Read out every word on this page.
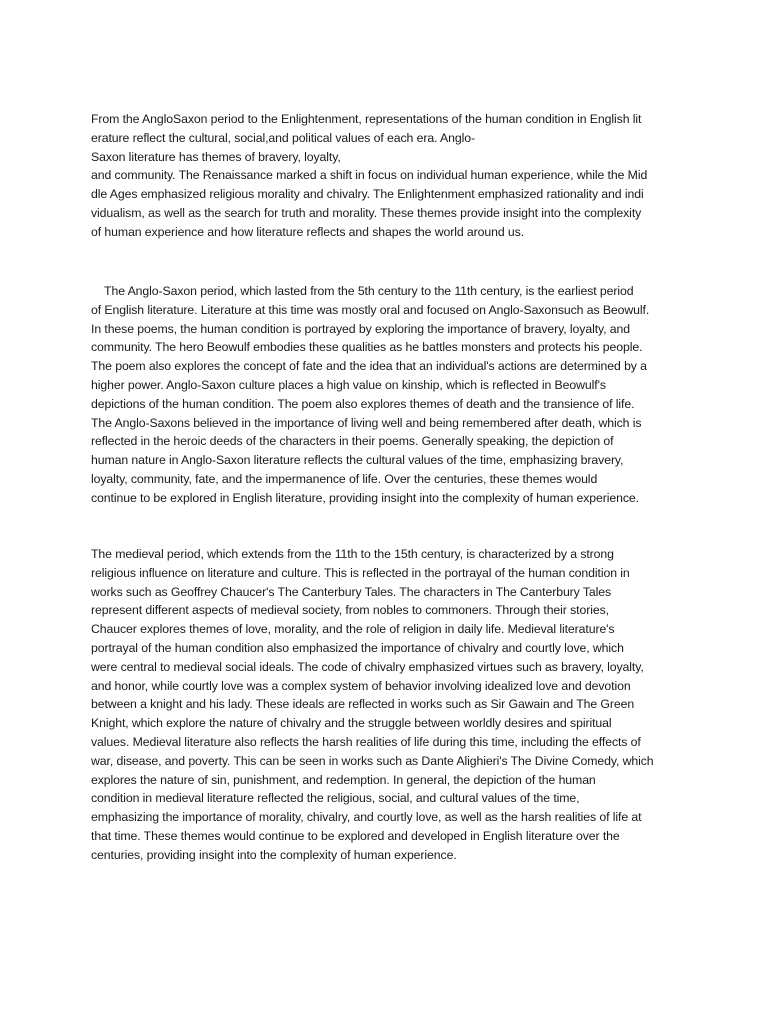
From the AngloSaxon period to the Enlightenment, representations of the human condition in English lit
erature reflect the cultural, social,and political values of each era. Anglo-
Saxon literature has themes of bravery, loyalty,
and community. The Renaissance marked a shift in focus on individual human experience, while the Mid
dle Ages emphasized religious morality and chivalry. The Enlightenment emphasized rationality and indi
vidualism, as well as the search for truth and morality. These themes provide insight into the complexity
of human experience and how literature reflects and shapes the world around us.
The Anglo-Saxon period, which lasted from the 5th century to the 11th century, is the earliest period
of English literature. Literature at this time was mostly oral and focused on Anglo-Saxonsuch as Beowulf.
In these poems, the human condition is portrayed by exploring the importance of bravery, loyalty, and
community. The hero Beowulf embodies these qualities as he battles monsters and protects his people.
The poem also explores the concept of fate and the idea that an individual's actions are determined by a
higher power. Anglo-Saxon culture places a high value on kinship, which is reflected in Beowulf's
depictions of the human condition. The poem also explores themes of death and the transience of life.
The Anglo-Saxons believed in the importance of living well and being remembered after death, which is
reflected in the heroic deeds of the characters in their poems. Generally speaking, the depiction of
human nature in Anglo-Saxon literature reflects the cultural values of the time, emphasizing bravery,
loyalty, community, fate, and the impermanence of life. Over the centuries, these themes would
continue to be explored in English literature, providing insight into the complexity of human experience.
The medieval period, which extends from the 11th to the 15th century, is characterized by a strong
religious influence on literature and culture. This is reflected in the portrayal of the human condition in
works such as Geoffrey Chaucer's The Canterbury Tales. The characters in The Canterbury Tales
represent different aspects of medieval society, from nobles to commoners. Through their stories,
Chaucer explores themes of love, morality, and the role of religion in daily life. Medieval literature's
portrayal of the human condition also emphasized the importance of chivalry and courtly love, which
were central to medieval social ideals. The code of chivalry emphasized virtues such as bravery, loyalty,
and honor, while courtly love was a complex system of behavior involving idealized love and devotion
between a knight and his lady. These ideals are reflected in works such as Sir Gawain and The Green
Knight, which explore the nature of chivalry and the struggle between worldly desires and spiritual
values. Medieval literature also reflects the harsh realities of life during this time, including the effects of
war, disease, and poverty. This can be seen in works such as Dante Alighieri's The Divine Comedy, which
explores the nature of sin, punishment, and redemption. In general, the depiction of the human
condition in medieval literature reflected the religious, social, and cultural values of the time,
emphasizing the importance of morality, chivalry, and courtly love, as well as the harsh realities of life at
that time. These themes would continue to be explored and developed in English literature over the
centuries, providing insight into the complexity of human experience.
